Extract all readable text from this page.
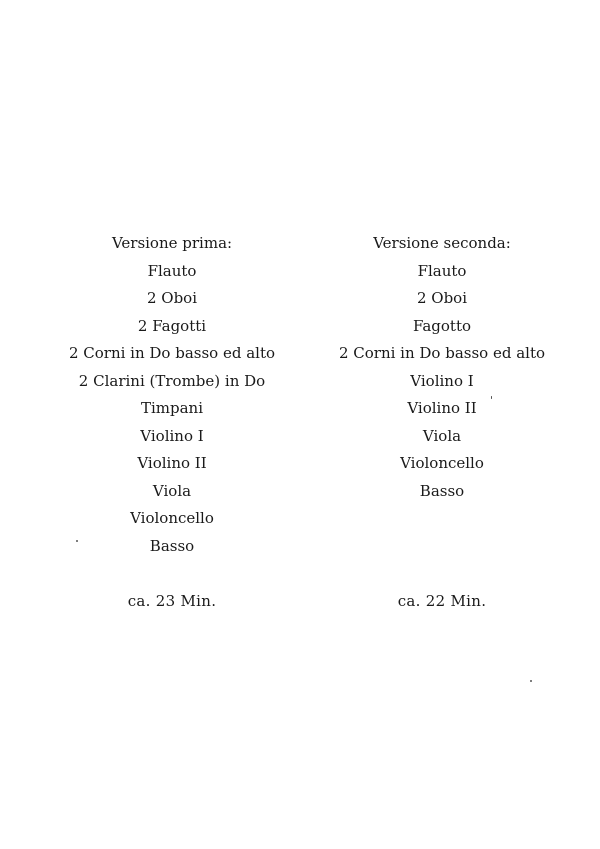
Versione prima:
Flauto
2 Oboi
2 Fagotti
2 Corni in Do basso ed alto
2 Clarini (Trombe) in Do
Timpani
Violino I
Violino II
Viola
Violoncello
Basso
Versione seconda:
Flauto
2 Oboi
Fagotto
2 Corni in Do basso ed alto
Violino I
Violino II
Viola
Violoncello
Basso
ca. 23 Min.	ca. 22 Min.
